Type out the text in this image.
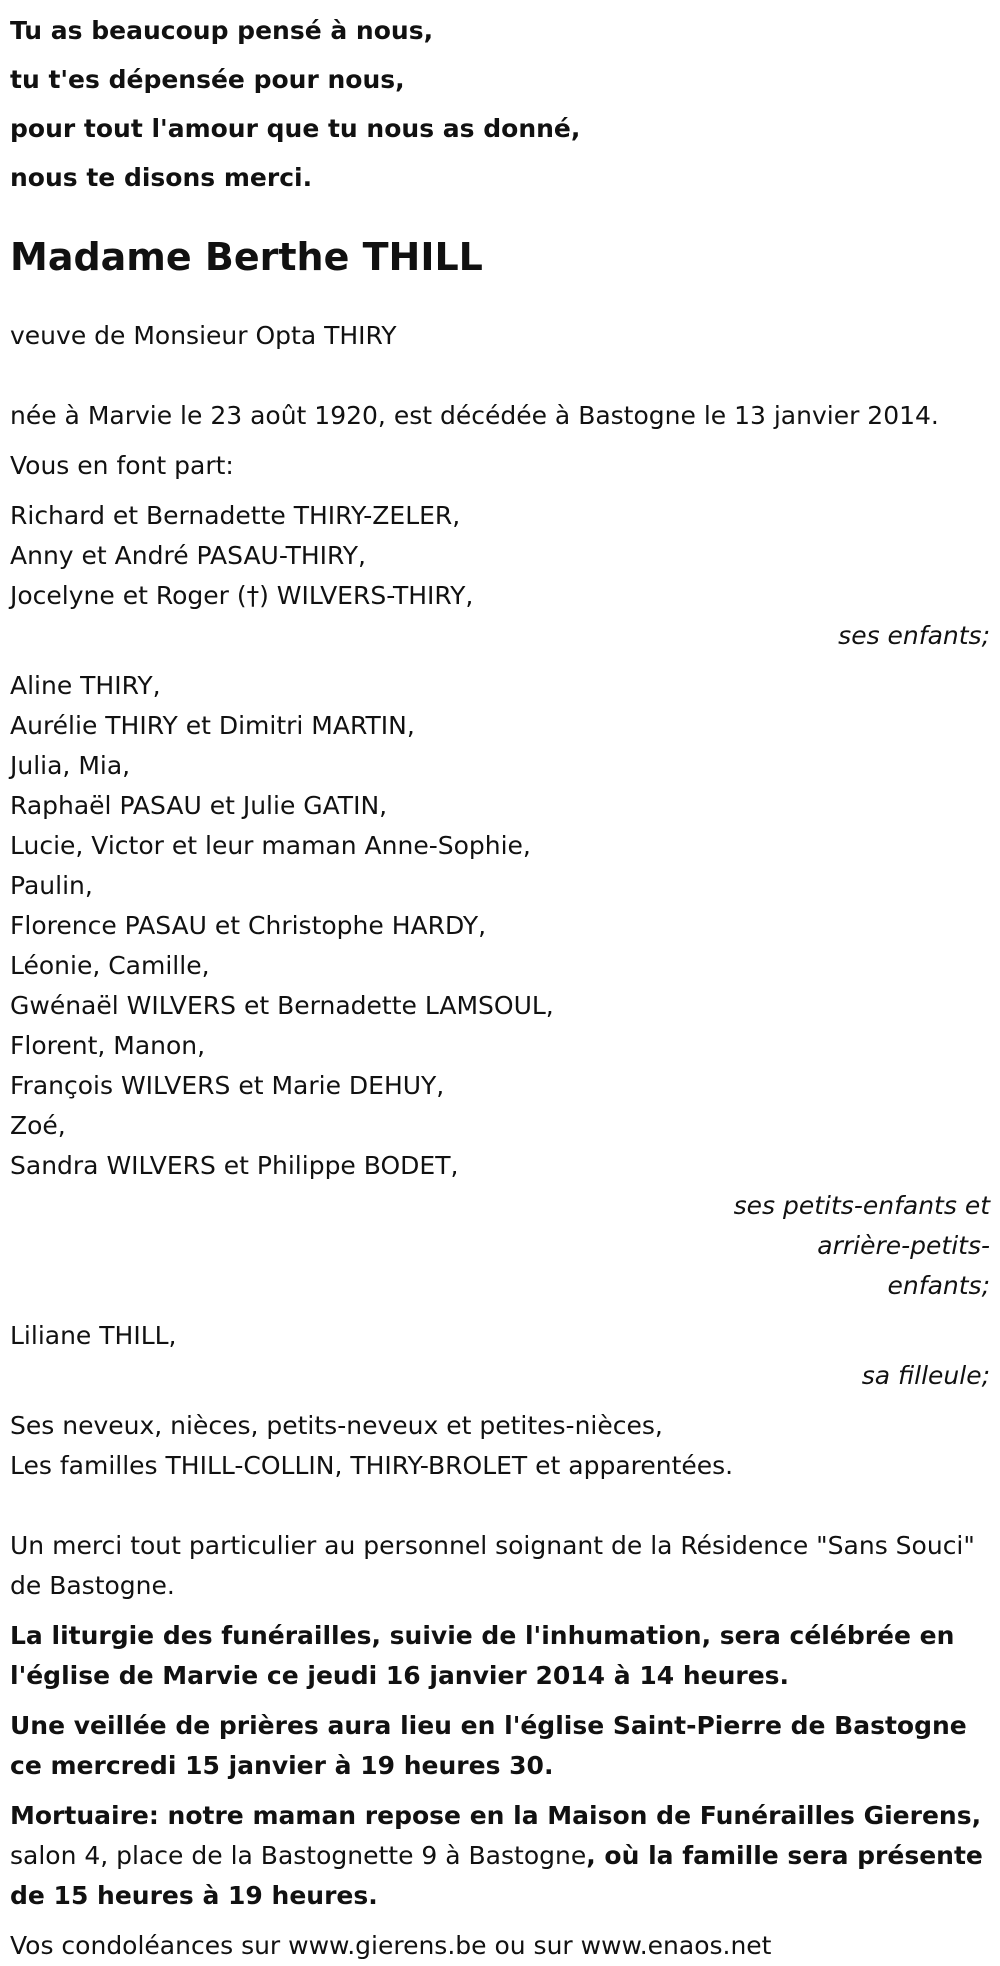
Tu as beaucoup pensé à nous,

tu t'es dépensée pour nous,

pour tout l'amour que tu nous as donné,

nous te disons merci.

Madame Berthe THILL

veuve de Monsieur Opta THIRY

née à Marvie le 23 août 1920, est décédée à Bastogne le 13 janvier 2014.

Vous en font part:

Richard et Bernadette THIRY-ZELER,

Anny et André PASAU-THIRY,

Jocelyne et Roger (†) WILVERS-THIRY,

ses enfants;

Aline THIRY,

Aurélie THIRY et Dimitri MARTIN,

Julia, Mia,

Raphaël PASAU et Julie GATIN,

Lucie, Victor et leur maman Anne-Sophie,

Paulin,

Florence PASAU et Christophe HARDY,

Léonie, Camille,

Gwénaël WILVERS et Bernadette LAMSOUL,

Florent, Manon,

François WILVERS et Marie DEHUY,

Zoé,

Sandra WILVERS et Philippe BODET,

ses petits-enfants et arrière-petits-enfants;

Liliane THILL,

sa filleule;

Ses neveux, nièces, petits-neveux et petites-nièces,

Les familles THILL-COLLIN, THIRY-BROLET et apparentées.

Un merci tout particulier au personnel soignant de la Résidence "Sans Souci" de Bastogne.

La liturgie des funérailles, suivie de l'inhumation, sera célébrée en l'église de Marvie ce jeudi 16 janvier 2014 à 14 heures.

Une veillée de prières aura lieu en l'église Saint-Pierre de Bastogne ce mercredi 15 janvier à 19 heures 30.

Mortuaire: notre maman repose en la Maison de Funérailles Gierens, salon 4, place de la Bastognette 9 à Bastogne, où la famille sera présente de 15 heures à 19 heures.

Vos condoléances sur www.gierens.be ou sur www.enaos.net
